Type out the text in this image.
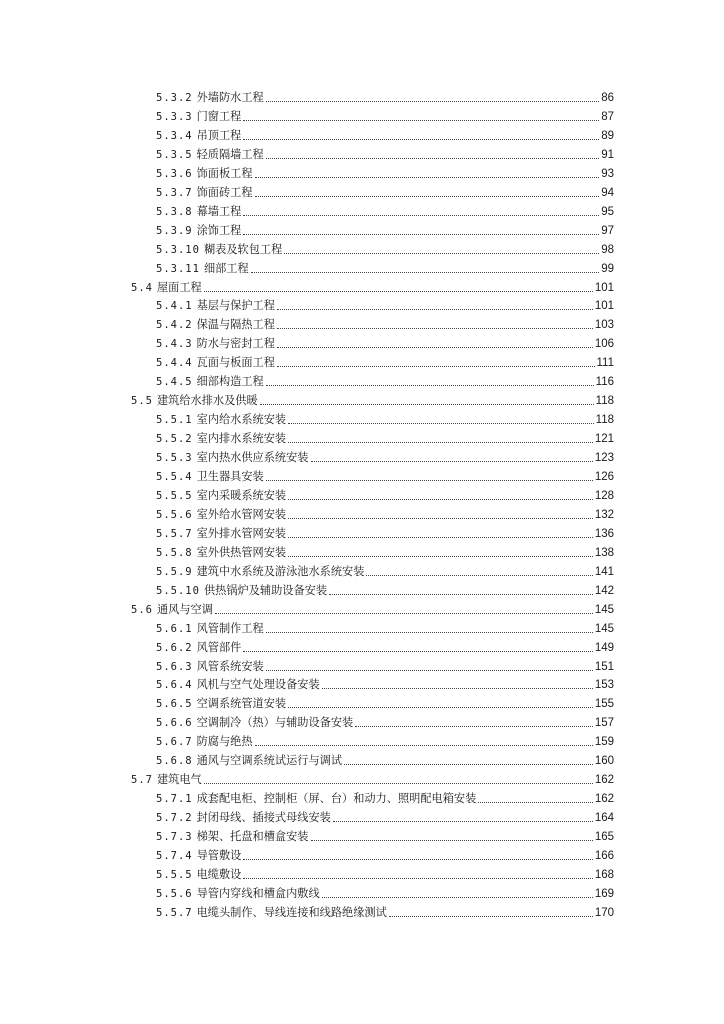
5.3.2 外墙防水工程	86
5.3.3 门窗工程	87
5.3.4 吊顶工程	89
5.3.5 轻质隔墙工程	91
5.3.6 饰面板工程	93
5.3.7 饰面砖工程	94
5.3.8 幕墙工程	95
5.3.9 涂饰工程	97
5.3.10 糊表及软包工程	98
5.3.11 细部工程	99
5.4 屋面工程	101
5.4.1 基层与保护工程	101
5.4.2 保温与隔热工程	103
5.4.3 防水与密封工程	106
5.4.4 瓦面与板面工程	111
5.4.5 细部构造工程	116
5.5 建筑给水排水及供暖	118
5.5.1 室内给水系统安装	118
5.5.2 室内排水系统安装	121
5.5.3 室内热水供应系统安装	123
5.5.4 卫生器具安装	126
5.5.5 室内采暖系统安装	128
5.5.6 室外给水管网安装	132
5.5.7 室外排水管网安装	136
5.5.8 室外供热管网安装	138
5.5.9 建筑中水系统及游泳池水系统安装	141
5.5.10 供热锅炉及辅助设备安装	142
5.6 通风与空调	145
5.6.1 风管制作工程	145
5.6.2 风管部件	149
5.6.3 风管系统安装	151
5.6.4 风机与空气处理设备安装	153
5.6.5 空调系统管道安装	155
5.6.6 空调制冷（热）与辅助设备安装	157
5.6.7 防腐与绝热	159
5.6.8 通风与空调系统试运行与调试	160
5.7 建筑电气	162
5.7.1 成套配电柜、控制柜（屏、台）和动力、照明配电箱安装	162
5.7.2 封闭母线、插接式母线安装	164
5.7.3 梯架、托盘和槽盒安装	165
5.7.4 导管敷设	166
5.5.5 电缆敷设	168
5.5.6 导管内穿线和槽盒内敷线	169
5.5.7 电缆头制作、导线连接和线路绝缘测试	170
